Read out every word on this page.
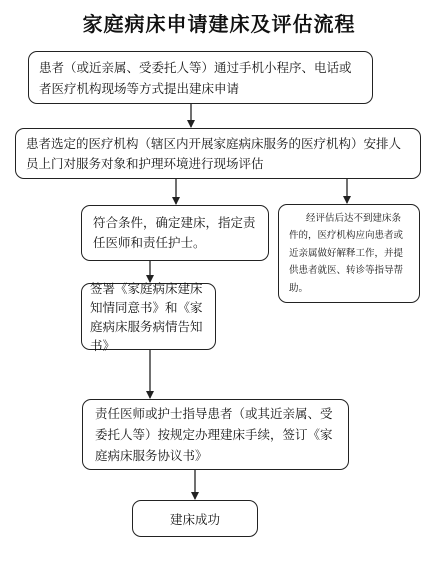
家庭病床申请建床及评估流程
患者（或近亲属、受委托人等）通过手机小程序、电话或者医疗机构现场等方式提出建床申请
患者选定的医疗机构（辖区内开展家庭病床服务的医疗机构）安排人员上门对服务对象和护理环境进行现场评估
符合条件，确定建床，指定责任医师和责任护士。
经评估后达不到建床条件的，医疗机构应向患者或近亲属做好解释工作，并提供患者就医、转诊等指导帮助。
签署《家庭病床建床知情同意书》和《家庭病床服务病情告知书》
责任医师或护士指导患者（或其近亲属、受委托人等）按规定办理建床手续，签订《家庭病床服务协议书》
建床成功
